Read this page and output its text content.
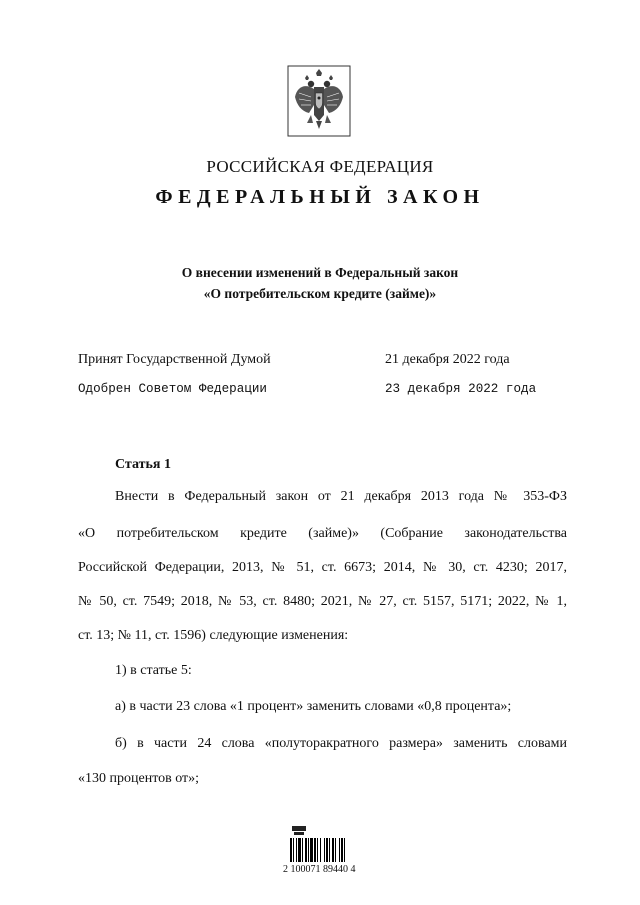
РОССИЙСКАЯ ФЕДЕРАЦИЯ
ФЕДЕРАЛЬНЫЙ ЗАКОН
О внесении изменений в Федеральный закон
«О потребительском кредите (займе)»
Принят Государственной Думой	21 декабря 2022 года
Одобрен Советом Федерации	23 декабря 2022 года
Статья 1
Внести в Федеральный закон от 21 декабря 2013 года № 353-ФЗ
«О потребительском кредите (займе)» (Собрание законодательства
Российской Федерации, 2013, № 51, ст. 6673; 2014, № 30, ст. 4230; 2017,
№ 50, ст. 7549; 2018, № 53, ст. 8480; 2021, № 27, ст. 5157, 5171; 2022, № 1,
ст. 13; № 11, ст. 1596) следующие изменения:
1) в статье 5:
а) в части 23 слова «1 процент» заменить словами «0,8 процента»;
б) в части 24 слова «полуторакратного размера» заменить словами
«130 процентов от»;
2 100071 89440 4
